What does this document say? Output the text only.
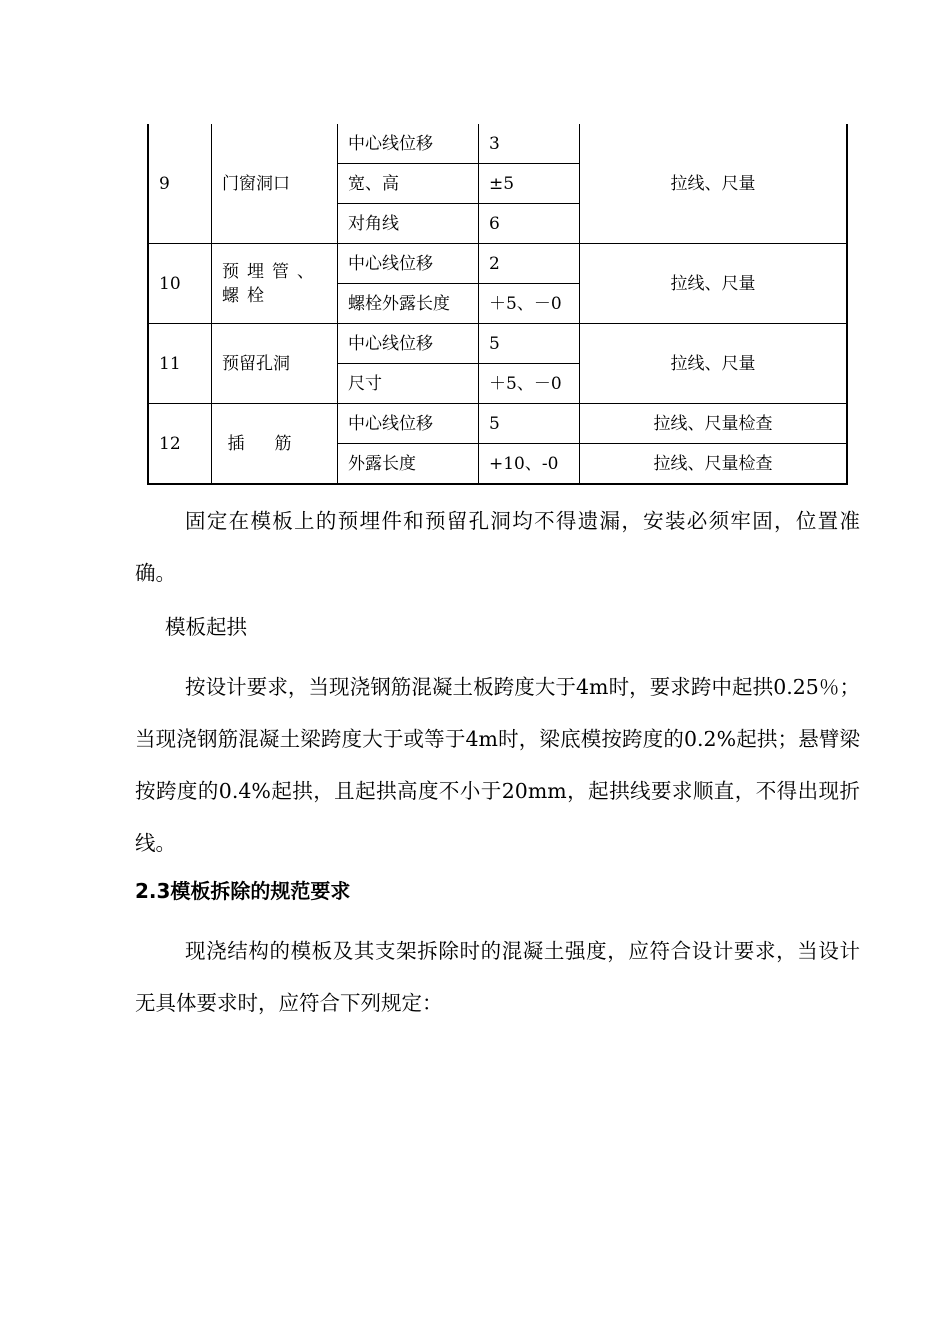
9	门窗洞口	中心线位移	3	拉线、尺量
		宽、高	±5	
		对角线	6	
10	预埋管、螺栓	中心线位移	2	拉线、尺量
		螺栓外露长度	＋5、－0	
11	预留孔洞	中心线位移	5	拉线、尺量
		尺寸	＋5、－0	
12	插筋	中心线位移	5	拉线、尺量检查
		外露长度	+10、-0	拉线、尺量检查
固定在模板上的预埋件和预留孔洞均不得遗漏，安装必须牢固，位置准确。
模板起拱
按设计要求，当现浇钢筋混凝土板跨度大于4m时，要求跨中起拱0.25％；当现浇钢筋混凝土梁跨度大于或等于4m时，梁底模按跨度的0.2%起拱；悬臂梁按跨度的0.4%起拱，且起拱高度不小于20mm，起拱线要求顺直，不得出现折线。
2.3模板拆除的规范要求
现浇结构的模板及其支架拆除时的混凝土强度，应符合设计要求，当设计无具体要求时，应符合下列规定：
